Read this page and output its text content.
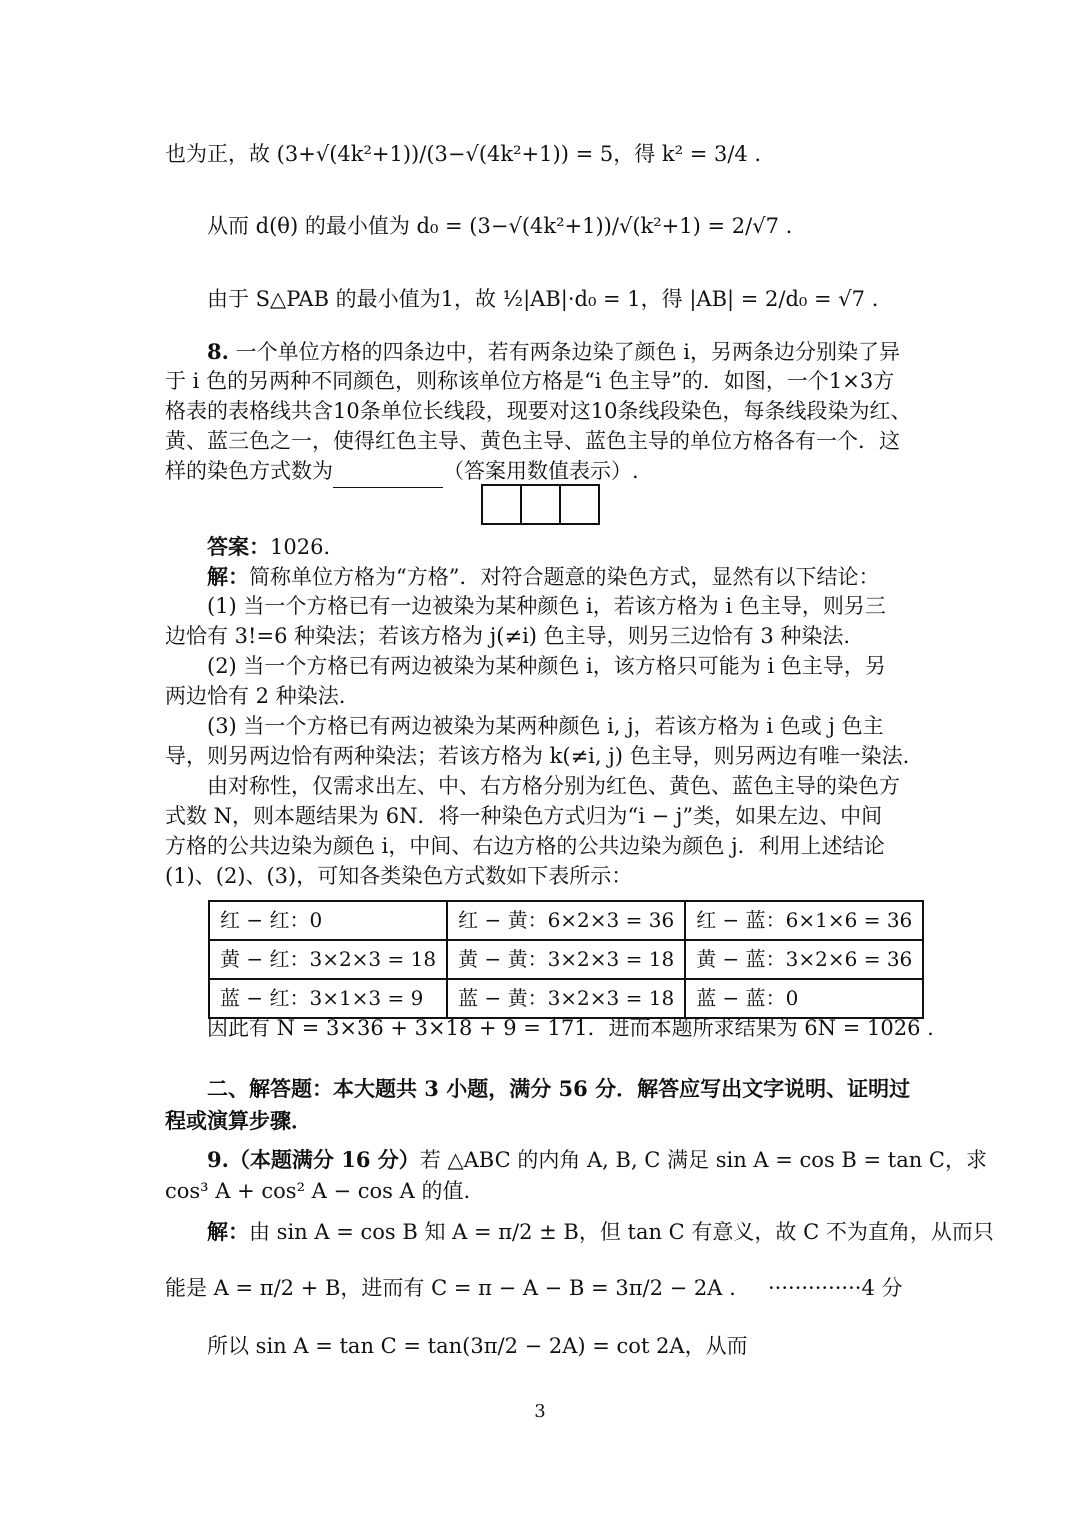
也为正，故 (3+√(4k²+1))/(3−√(4k²+1)) = 5，得 k² = 3/4 .
从而 d(θ) 的最小值为 d₀ = (3−√(4k²+1))/√(k²+1) = 2/√7 .
由于 S△PAB 的最小值为1，故 ½|AB|·d₀ = 1，得 |AB| = 2/d₀ = √7 .
8. 一个单位方格的四条边中，若有两条边染了颜色 i，另两条边分别染了异
于 i 色的另两种不同颜色，则称该单位方格是“i 色主导”的．如图，一个1×3方
格表的表格线共含10条单位长线段，现要对这10条线段染色，每条线段染为红、
黄、蓝三色之一，使得红色主导、黄色主导、蓝色主导的单位方格各有一个．这
样的染色方式数为	（答案用数值表示）.
答案：1026．
解：简称单位方格为“方格”．对符合题意的染色方式，显然有以下结论：
(1) 当一个方格已有一边被染为某种颜色 i，若该方格为 i 色主导，则另三
边恰有 3!=6 种染法；若该方格为 j(≠i) 色主导，则另三边恰有 3 种染法.
(2) 当一个方格已有两边被染为某种颜色 i，该方格只可能为 i 色主导，另
两边恰有 2 种染法.
(3) 当一个方格已有两边被染为某两种颜色 i, j，若该方格为 i 色或 j 色主
导，则另两边恰有两种染法；若该方格为 k(≠i, j) 色主导，则另两边有唯一染法.
由对称性，仅需求出左、中、右方格分别为红色、黄色、蓝色主导的染色方
式数 N，则本题结果为 6N．将一种染色方式归为“i − j”类，如果左边、中间
方格的公共边染为颜色 i，中间、右边方格的公共边染为颜色 j．利用上述结论
(1)、(2)、(3)，可知各类染色方式数如下表所示：
红 − 红：0	红 − 黄：6×2×3 = 36	红 − 蓝：6×1×6 = 36
黄 − 红：3×2×3 = 18	黄 − 黄：3×2×3 = 18	黄 − 蓝：3×2×6 = 36
蓝 − 红：3×1×3 = 9	蓝 − 黄：3×2×3 = 18	蓝 − 蓝：0
因此有 N = 3×36 + 3×18 + 9 = 171．进而本题所求结果为 6N = 1026 .
二、解答题：本大题共 3 小题，满分 56 分．解答应写出文字说明、证明过
程或演算步骤．
9.（本题满分 16 分）若 △ABC 的内角 A, B, C 满足 sin A = cos B = tan C，求
cos³ A + cos² A − cos A 的值.
解：由 sin A = cos B 知 A = π/2 ± B，但 tan C 有意义，故 C 不为直角，从而只
能是 A = π/2 + B，进而有 C = π − A − B = 3π/2 − 2A . ··············4 分
所以 sin A = tan C = tan(3π/2 − 2A) = cot 2A，从而
3
